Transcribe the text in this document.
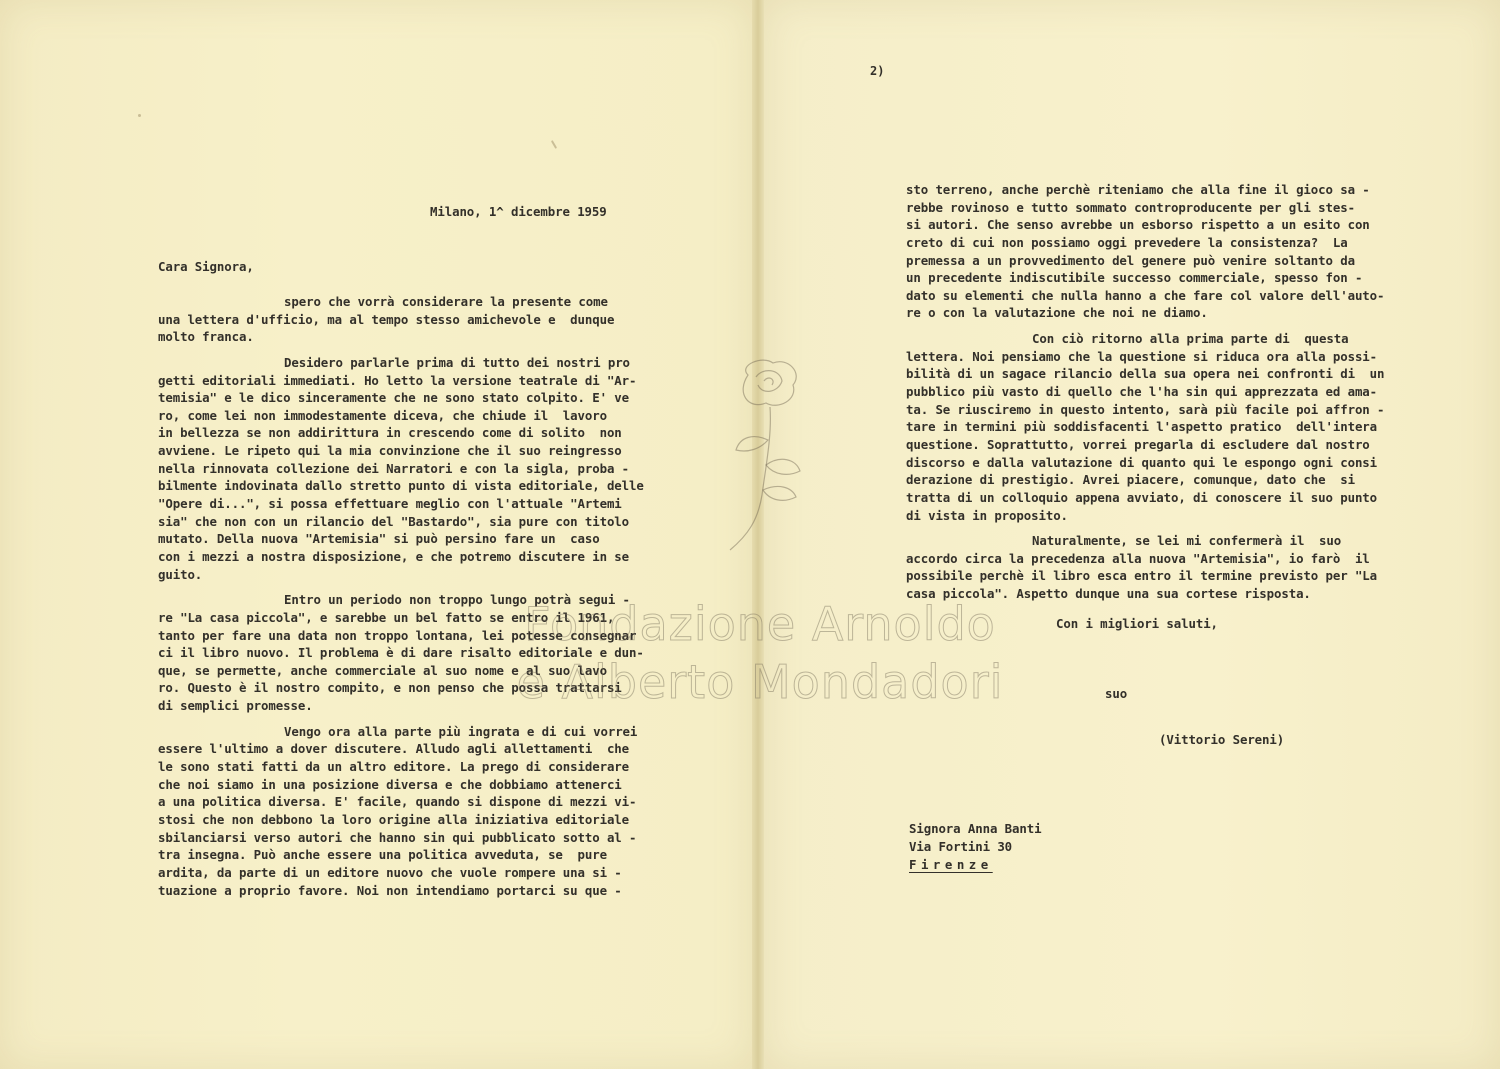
2)
Milano, 1^ dicembre 1959
Cara Signora,
spero che vorrà considerare la presente come
una lettera d'ufficio, ma al tempo stesso amichevole e  dunque
molto franca.
Desidero parlarle prima di tutto dei nostri pro
getti editoriali immediati. Ho letto la versione teatrale di "Ar-
temisia" e le dico sinceramente che ne sono stato colpito. E' ve
ro, come lei non immodestamente diceva, che chiude il  lavoro
in bellezza se non addirittura in crescendo come di solito  non
avviene. Le ripeto qui la mia convinzione che il suo reingresso
nella rinnovata collezione dei Narratori e con la sigla, proba -
bilmente indovinata dallo stretto punto di vista editoriale, delle
"Opere di...", si possa effettuare meglio con l'attuale "Artemi
sia" che non con un rilancio del "Bastardo", sia pure con titolo
mutato. Della nuova "Artemisia" si può persino fare un  caso
con i mezzi a nostra disposizione, e che potremo discutere in se
guito.
Entro un periodo non troppo lungo potrà segui -
re "La casa piccola", e sarebbe un bel fatto se entro il 1961,
tanto per fare una data non troppo lontana, lei potesse consegnar
ci il libro nuovo. Il problema è di dare risalto editoriale e dun-
que, se permette, anche commerciale al suo nome e al suo lavo
ro. Questo è il nostro compito, e non penso che possa trattarsi
di semplici promesse.
Vengo ora alla parte più ingrata e di cui vorrei
essere l'ultimo a dover discutere. Alludo agli allettamenti  che
le sono stati fatti da un altro editore. La prego di considerare
che noi siamo in una posizione diversa e che dobbiamo attenerci
a una politica diversa. E' facile, quando si dispone di mezzi vi-
stosi che non debbono la loro origine alla iniziativa editoriale
sbilanciarsi verso autori che hanno sin qui pubblicato sotto al -
tra insegna. Può anche essere una politica avveduta, se  pure
ardita, da parte di un editore nuovo che vuole rompere una si -
tuazione a proprio favore. Noi non intendiamo portarci su que -
sto terreno, anche perchè riteniamo che alla fine il gioco sa -
rebbe rovinoso e tutto sommato controproducente per gli stes-
si autori. Che senso avrebbe un esborso rispetto a un esito con
creto di cui non possiamo oggi prevedere la consistenza?  La
premessa a un provvedimento del genere può venire soltanto da
un precedente indiscutibile successo commerciale, spesso fon -
dato su elementi che nulla hanno a che fare col valore dell'auto-
re o con la valutazione che noi ne diamo.
Con ciò ritorno alla prima parte di  questa
lettera. Noi pensiamo che la questione si riduca ora alla possi-
bilità di un sagace rilancio della sua opera nei confronti di  un
pubblico più vasto di quello che l'ha sin qui apprezzata ed ama-
ta. Se riusciremo in questo intento, sarà più facile poi affron -
tare in termini più soddisfacenti l'aspetto pratico  dell'intera
questione. Soprattutto, vorrei pregarla di escludere dal nostro
discorso e dalla valutazione di quanto qui le espongo ogni consi
derazione di prestigio. Avrei piacere, comunque, dato che  si
tratta di un colloquio appena avviato, di conoscere il suo punto
di vista in proposito.
Naturalmente, se lei mi confermerà il  suo
accordo circa la precedenza alla nuova "Artemisia", io farò  il
possibile perchè il libro esca entro il termine previsto per "La
casa piccola". Aspetto dunque una sua cortese risposta.
Con i migliori saluti,
suo
(Vittorio Sereni)
Signora Anna Banti
Via Fortini 30
Firenze
Fondazione Arnoldo
e Alberto Mondadori
